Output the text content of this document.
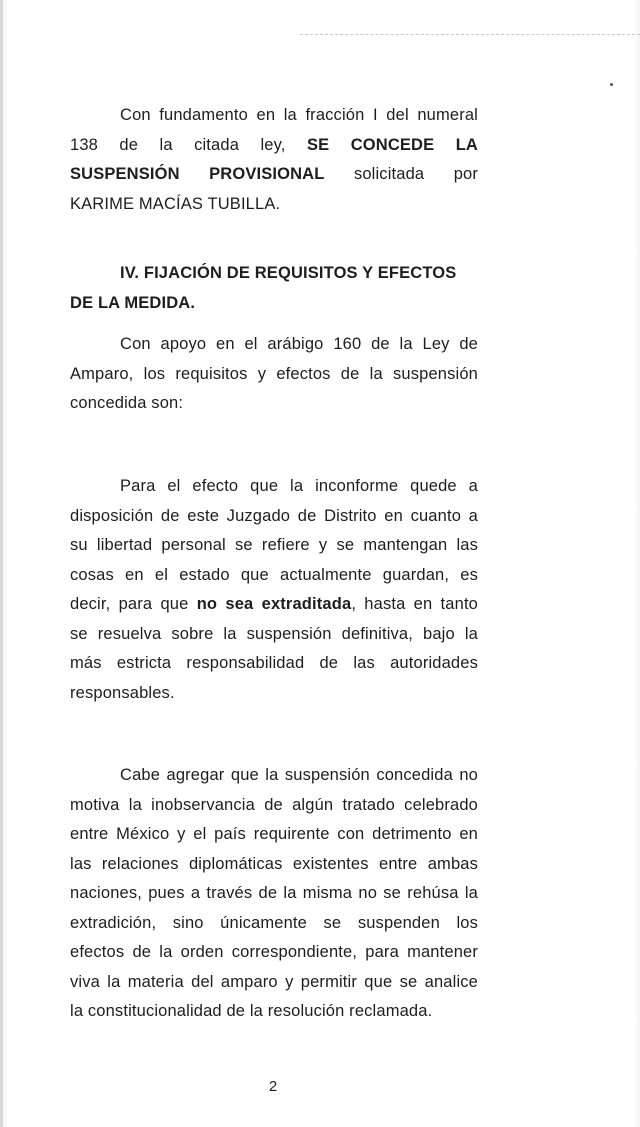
Con fundamento en la fracción I del numeral
138 de la citada ley, SE CONCEDE LA
SUSPENSIÓN PROVISIONAL solicitada por
KARIME MACÍAS TUBILLA.
IV. FIJACIÓN DE REQUISITOS Y EFECTOS
DE LA MEDIDA.
Con apoyo en el arábigo 160 de la Ley de
Amparo, los requisitos y efectos de la suspensión
concedida son:
Para el efecto que la inconforme quede a
disposición de este Juzgado de Distrito en cuanto a
su libertad personal se refiere y se mantengan las
cosas en el estado que actualmente guardan, es
decir, para que no sea extraditada, hasta en tanto
se resuelva sobre la suspensión definitiva, bajo la
más estricta responsabilidad de las autoridades
responsables.
Cabe agregar que la suspensión concedida no
motiva la inobservancia de algún tratado celebrado
entre México y el país requirente con detrimento en
las relaciones diplomáticas existentes entre ambas
naciones, pues a través de la misma no se rehúsa la
extradición, sino únicamente se suspenden los
efectos de la orden correspondiente, para mantener
viva la materia del amparo y permitir que se analice
la constitucionalidad de la resolución reclamada.
2
